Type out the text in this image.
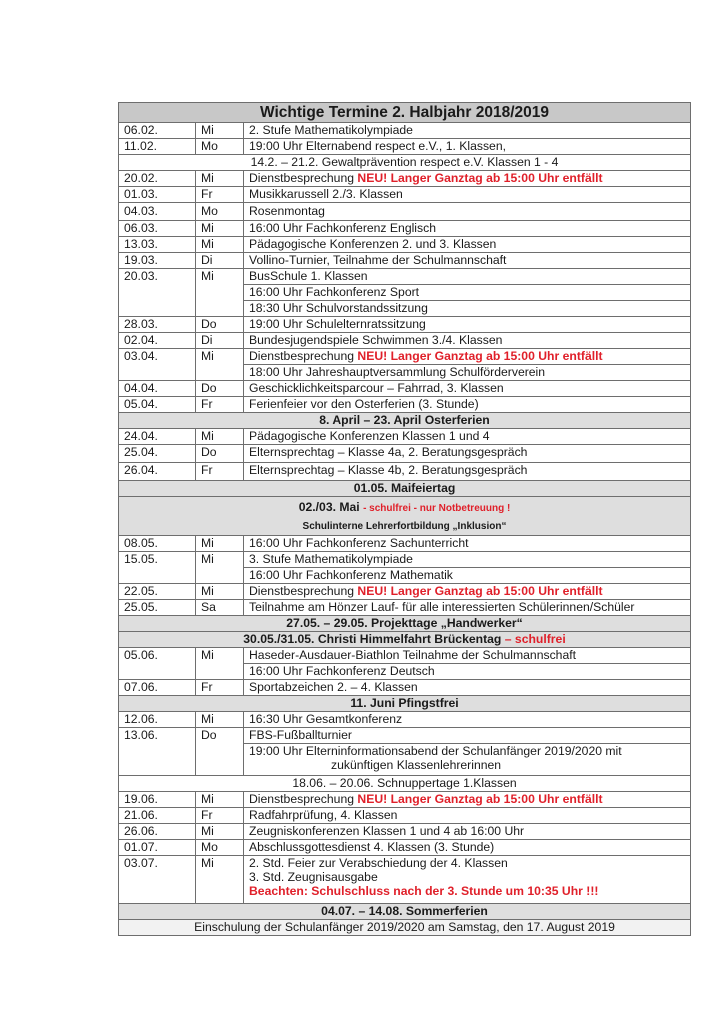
Wichtige Termine 2. Halbjahr 2018/2019		
06.02.	Mi	2. Stufe Mathematikolympiade
11.02.	Mo	19:00 Uhr Elternabend respect e.V., 1. Klassen,
14.2. – 21.2. Gewaltprävention respect e.V. Klassen 1 - 4		
20.02.	Mi	Dienstbesprechung NEU! Langer Ganztag ab 15:00 Uhr entfällt
01.03.	Fr	Musikkarussell 2./3. Klassen
04.03.	Mo	Rosenmontag
06.03.	Mi	16:00 Uhr Fachkonferenz Englisch
13.03.	Mi	Pädagogische Konferenzen 2. und 3. Klassen
19.03.	Di	Vollino-Turnier, Teilnahme der Schulmannschaft
20.03.	Mi	BusSchule 1. Klassen
		16:00 Uhr Fachkonferenz Sport
		18:30 Uhr Schulvorstandssitzung
28.03.	Do	19:00 Uhr Schulelternratssitzung
02.04.	Di	Bundesjugendspiele Schwimmen 3./4. Klassen
03.04.	Mi	Dienstbesprechung NEU! Langer Ganztag ab 15:00 Uhr entfällt
		18:00 Uhr Jahreshauptversammlung Schulförderverein
04.04.	Do	Geschicklichkeitsparcour – Fahrrad, 3. Klassen
05.04.	Fr	Ferienfeier vor den Osterferien (3. Stunde)
8. April – 23. April Osterferien		
24.04.	Mi	Pädagogische Konferenzen Klassen 1 und 4
25.04.	Do	Elternsprechtag – Klasse 4a, 2. Beratungsgespräch
26.04.	Fr	Elternsprechtag – Klasse 4b, 2. Beratungsgespräch
01.05. Maifeiertag		
02./03. Mai - schulfrei - nur Notbetreuung !
Schulinterne Lehrerfortbildung „Inklusion“		
08.05.	Mi	16:00 Uhr Fachkonferenz Sachunterricht
15.05.	Mi	3. Stufe Mathematikolympiade
		16:00 Uhr Fachkonferenz Mathematik
22.05.	Mi	Dienstbesprechung NEU! Langer Ganztag ab 15:00 Uhr entfällt
25.05.	Sa	Teilnahme am Hönzer Lauf- für alle interessierten Schülerinnen/Schüler
27.05. – 29.05. Projekttage „Handwerker“		
30.05./31.05. Christi Himmelfahrt Brückentag – schulfrei		
05.06.	Mi	Haseder-Ausdauer-Biathlon Teilnahme der Schulmannschaft
		16:00 Uhr Fachkonferenz Deutsch
07.06.	Fr	Sportabzeichen 2. – 4. Klassen
11. Juni Pfingstfrei		
12.06.	Mi	16:30 Uhr Gesamtkonferenz
13.06.	Do	FBS-Fußballturnier
		19:00 Uhr Elterninformationsabend der Schulanfänger 2019/2020 mit

zukünftigen Klassenlehrerinnen

18.06. – 20.06. Schnuppertage 1.Klassen		
19.06.	Mi	Dienstbesprechung NEU! Langer Ganztag ab 15:00 Uhr entfällt
21.06.	Fr	Radfahrprüfung, 4. Klassen
26.06.	Mi	Zeugniskonferenzen Klassen 1 und 4 ab 16:00 Uhr
01.07.	Mo	Abschlussgottesdienst 4. Klassen (3. Stunde)
03.07.	Mi	2. Std. Feier zur Verabschiedung der 4. Klassen
3. Std. Zeugnisausgabe
Beachten: Schulschluss nach der 3. Stunde um 10:35 Uhr !!!
04.07. – 14.08. Sommerferien		
Einschulung der Schulanfänger 2019/2020 am Samstag, den 17. August 2019		
